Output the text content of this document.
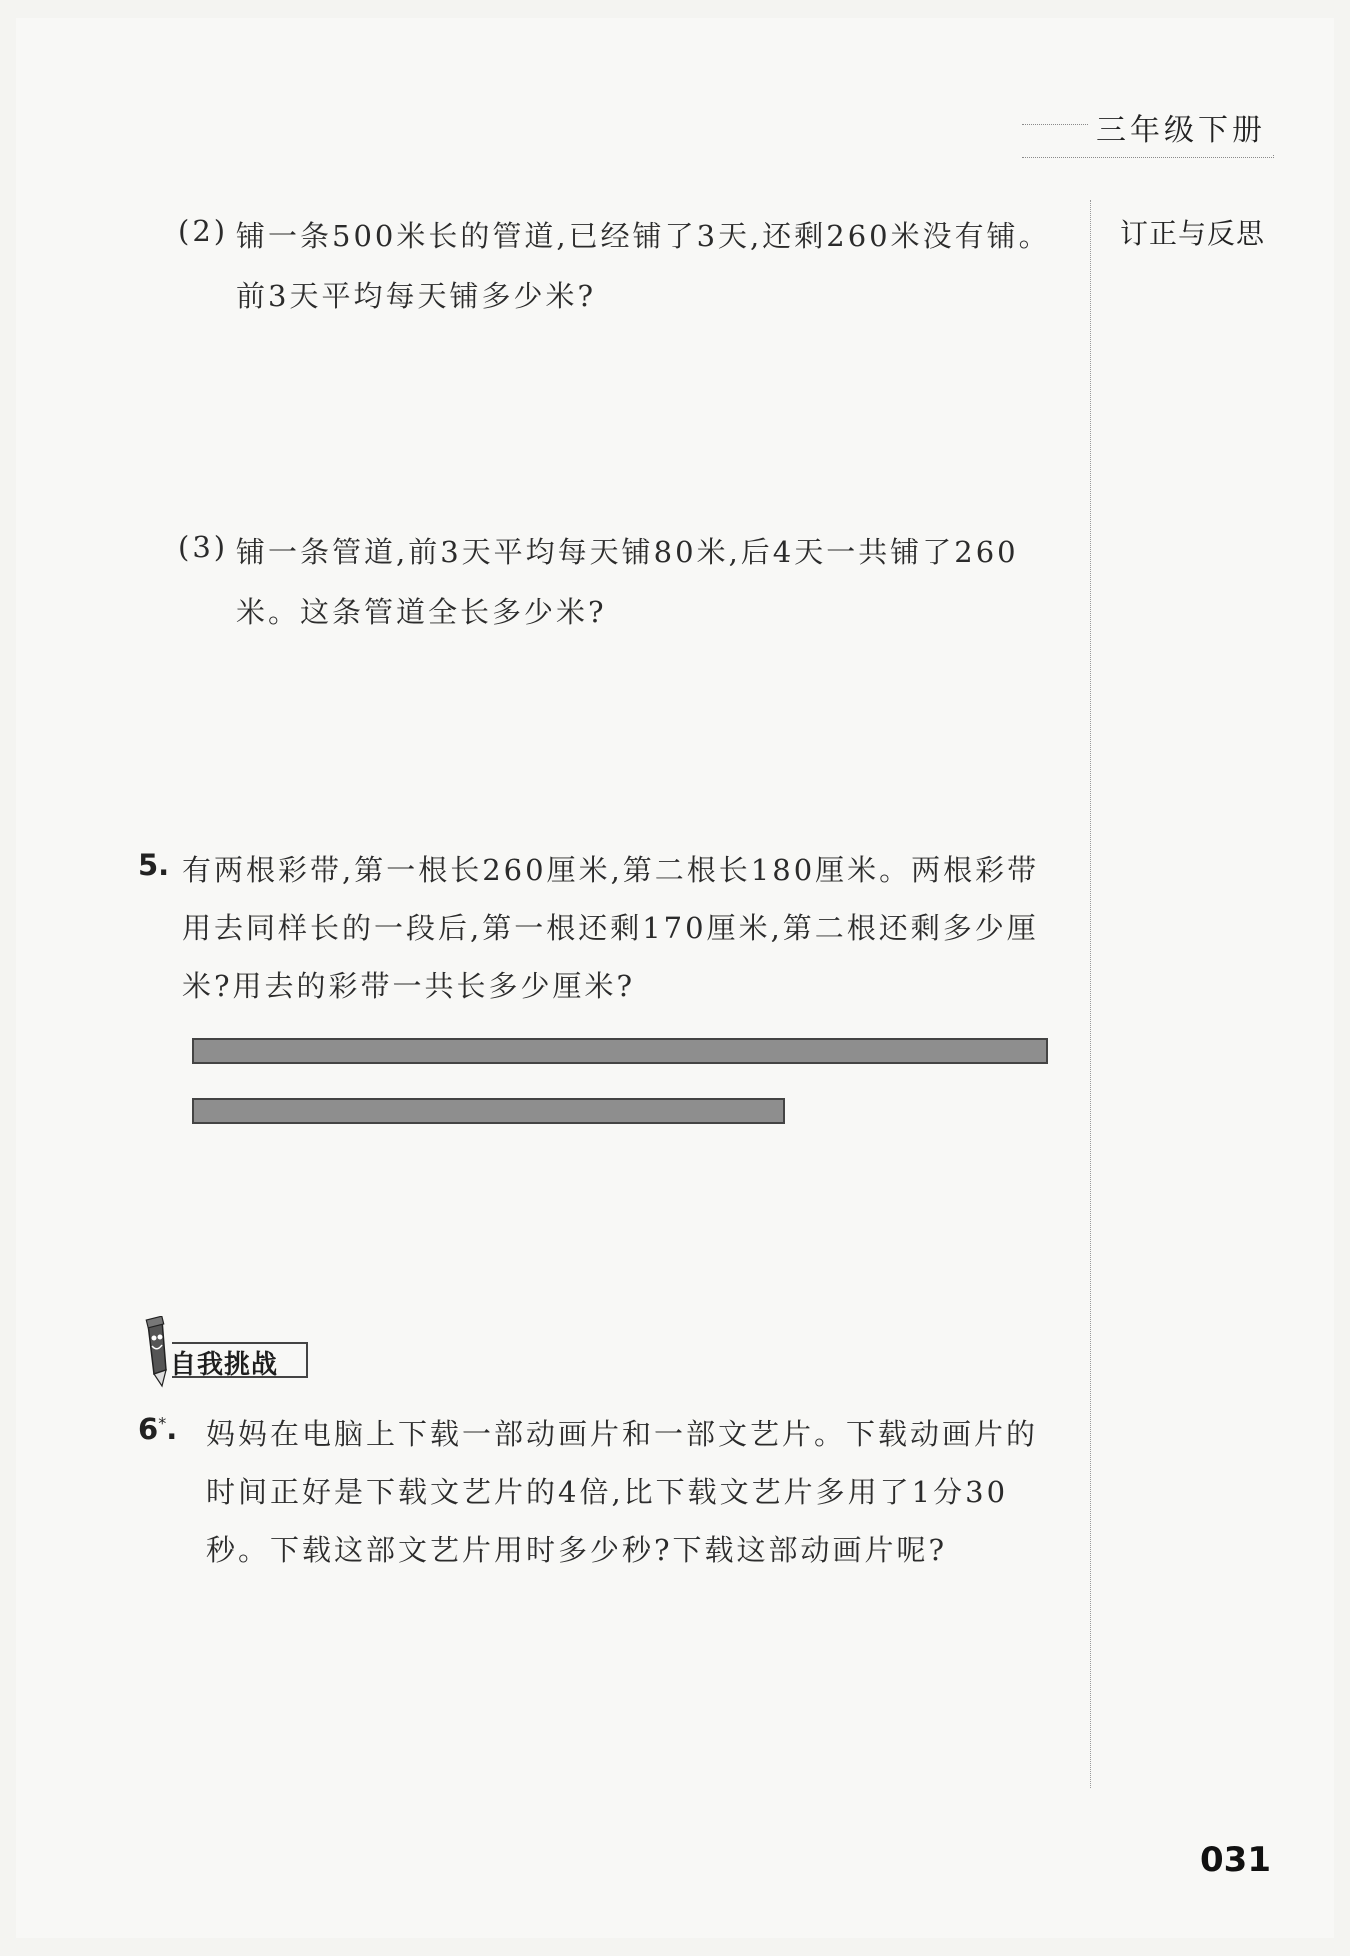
三年级下册
订正与反思
(2) 铺一条500米长的管道,已经铺了3天,还剩260米没有铺。
前3天平均每天铺多少米?
(3) 铺一条管道,前3天平均每天铺80米,后4天一共铺了260
米。这条管道全长多少米?
5. 有两根彩带,第一根长260厘米,第二根长180厘米。两根彩带
用去同样长的一段后,第一根还剩170厘米,第二根还剩多少厘
米?用去的彩带一共长多少厘米?
自我挑战
6*. 妈妈在电脑上下载一部动画片和一部文艺片。下载动画片的
时间正好是下载文艺片的4倍,比下载文艺片多用了1分30
秒。下载这部文艺片用时多少秒?下载这部动画片呢?
031
